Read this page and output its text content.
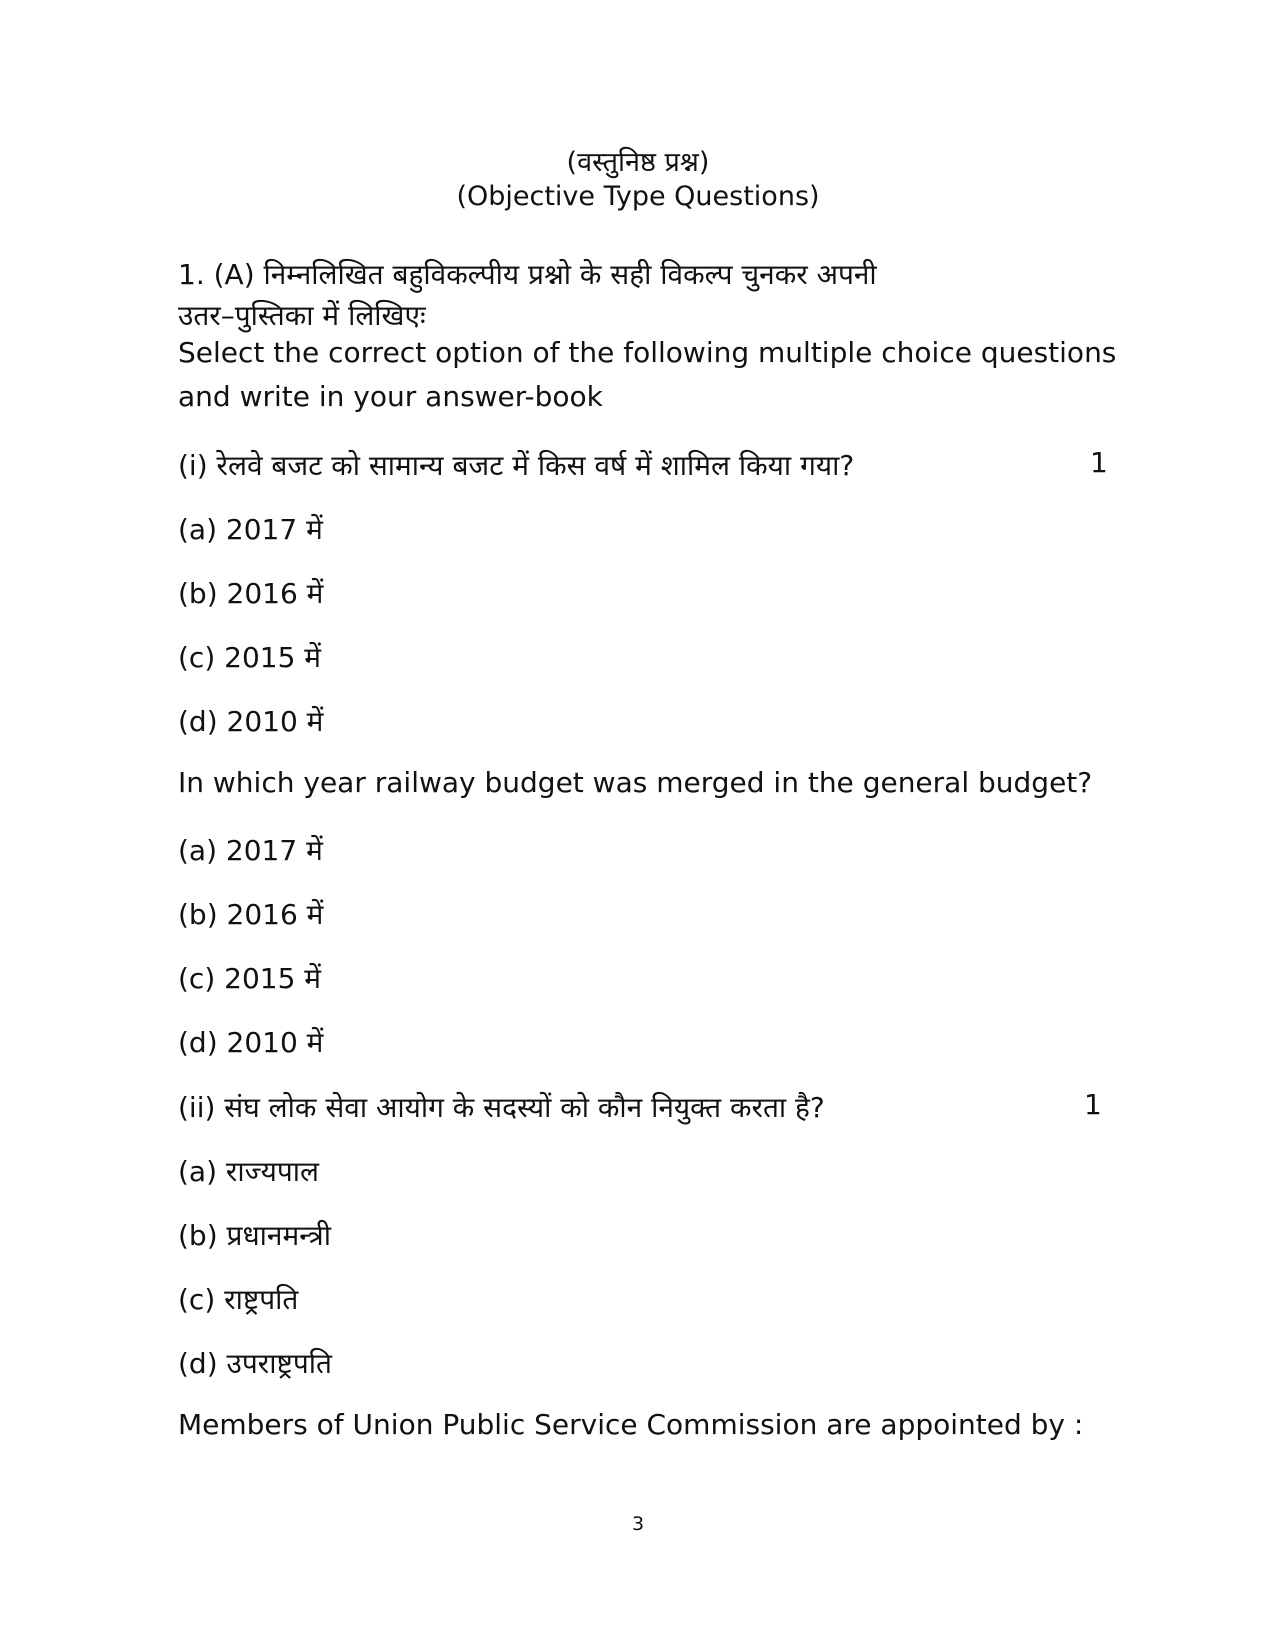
(वस्तुनिष्ठ प्रश्न)
(Objective Type Questions)
1. (A) निम्नलिखित बहुविकल्पीय प्रश्नो के सही विकल्प चुनकर अपनी
उतर–पुस्तिका में लिखिएः
Select the correct option of the following multiple choice questions
and write in your answer-book
(i) रेलवे बजट को सामान्य बजट में किस वर्ष में शामिल किया गया?	1
(a) 2017 में
(b) 2016 में
(c) 2015 में
(d) 2010 में
In which year railway budget was merged in the general budget?
(a) 2017 में
(b) 2016 में
(c) 2015 में
(d) 2010 में
(ii) संघ लोक सेवा आयोग के सदस्यों को कौन नियुक्त करता है?	1
(a) राज्यपाल
(b) प्रधानमन्त्री
(c) राष्ट्रपति
(d) उपराष्ट्रपति
Members of Union Public Service Commission are appointed by :
3
